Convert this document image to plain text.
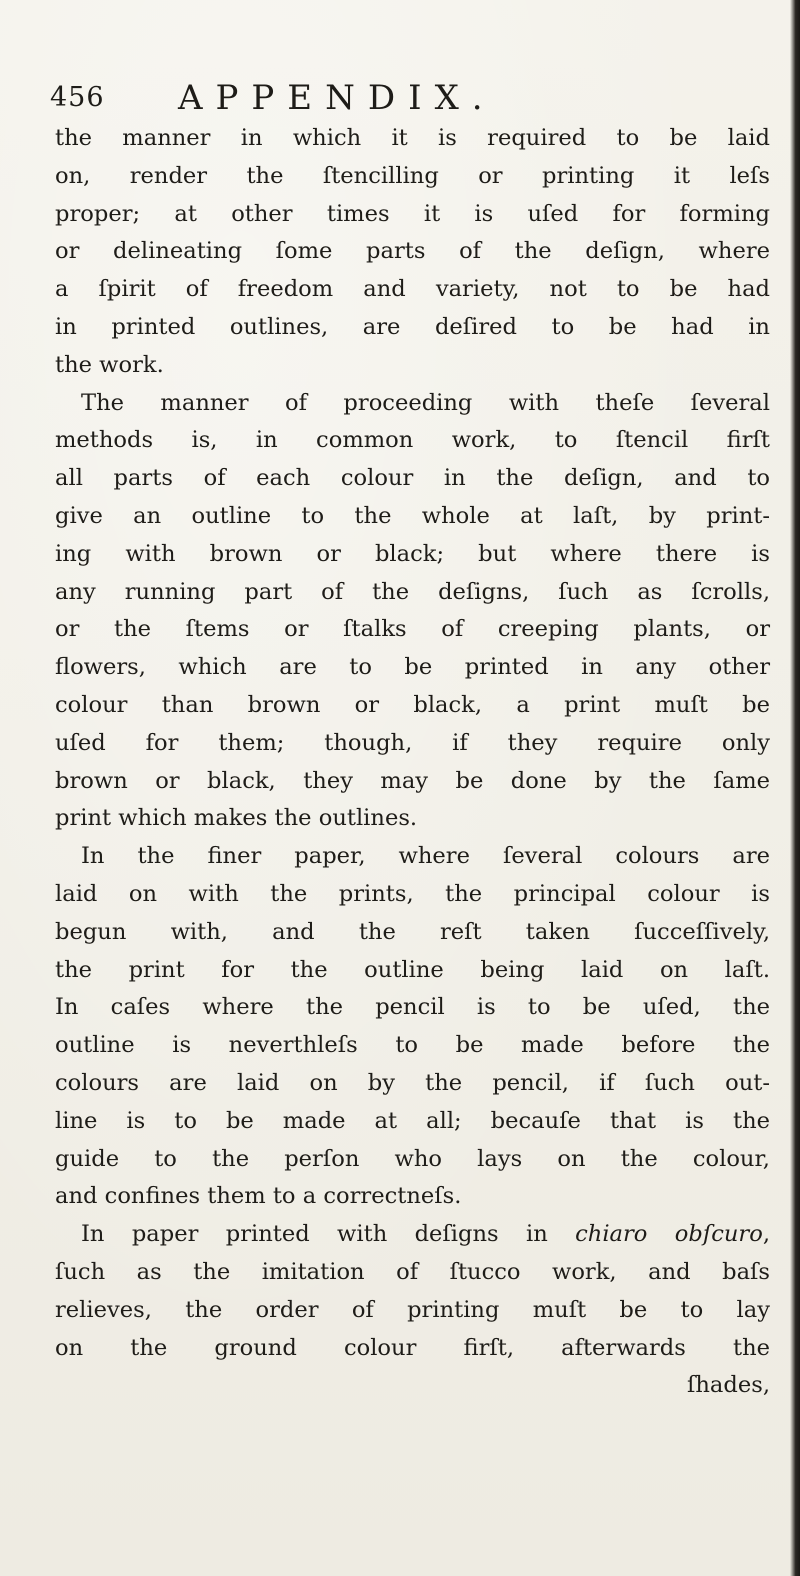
456 APPENDIX.
the manner in which it is required to be laid
on, render the ſtencilling or printing it leſs
proper; at other times it is uſed for forming
or delineating ſome parts of the deſign, where
a ſpirit of freedom and variety, not to be had
in printed outlines, are deſired to be had in
the work.
The manner of proceeding with theſe ſeveral
methods is, in common work, to ſtencil firſt
all parts of each colour in the deſign, and to
give an outline to the whole at laſt, by print-
ing with brown or black; but where there is
any running part of the deſigns, ſuch as ſcrolls,
or the ſtems or ſtalks of creeping plants, or
flowers, which are to be printed in any other
colour than brown or black, a print muſt be
uſed for them; though, if they require only
brown or black, they may be done by the ſame
print which makes the outlines.
In the finer paper, where ſeveral colours are
laid on with the prints, the principal colour is
begun with, and the reſt taken ſucceſſively,
the print for the outline being laid on laſt.
In caſes where the pencil is to be uſed, the
outline is neverthleſs to be made before the
colours are laid on by the pencil, if ſuch out-
line is to be made at all; becauſe that is the
guide to the perſon who lays on the colour,
and confines them to a correctneſs.
In paper printed with deſigns in chiaro obſcuro,
ſuch as the imitation of ſtucco work, and baſs
relieves, the order of printing muſt be to lay
on the ground colour firſt, afterwards the
ſhades,
